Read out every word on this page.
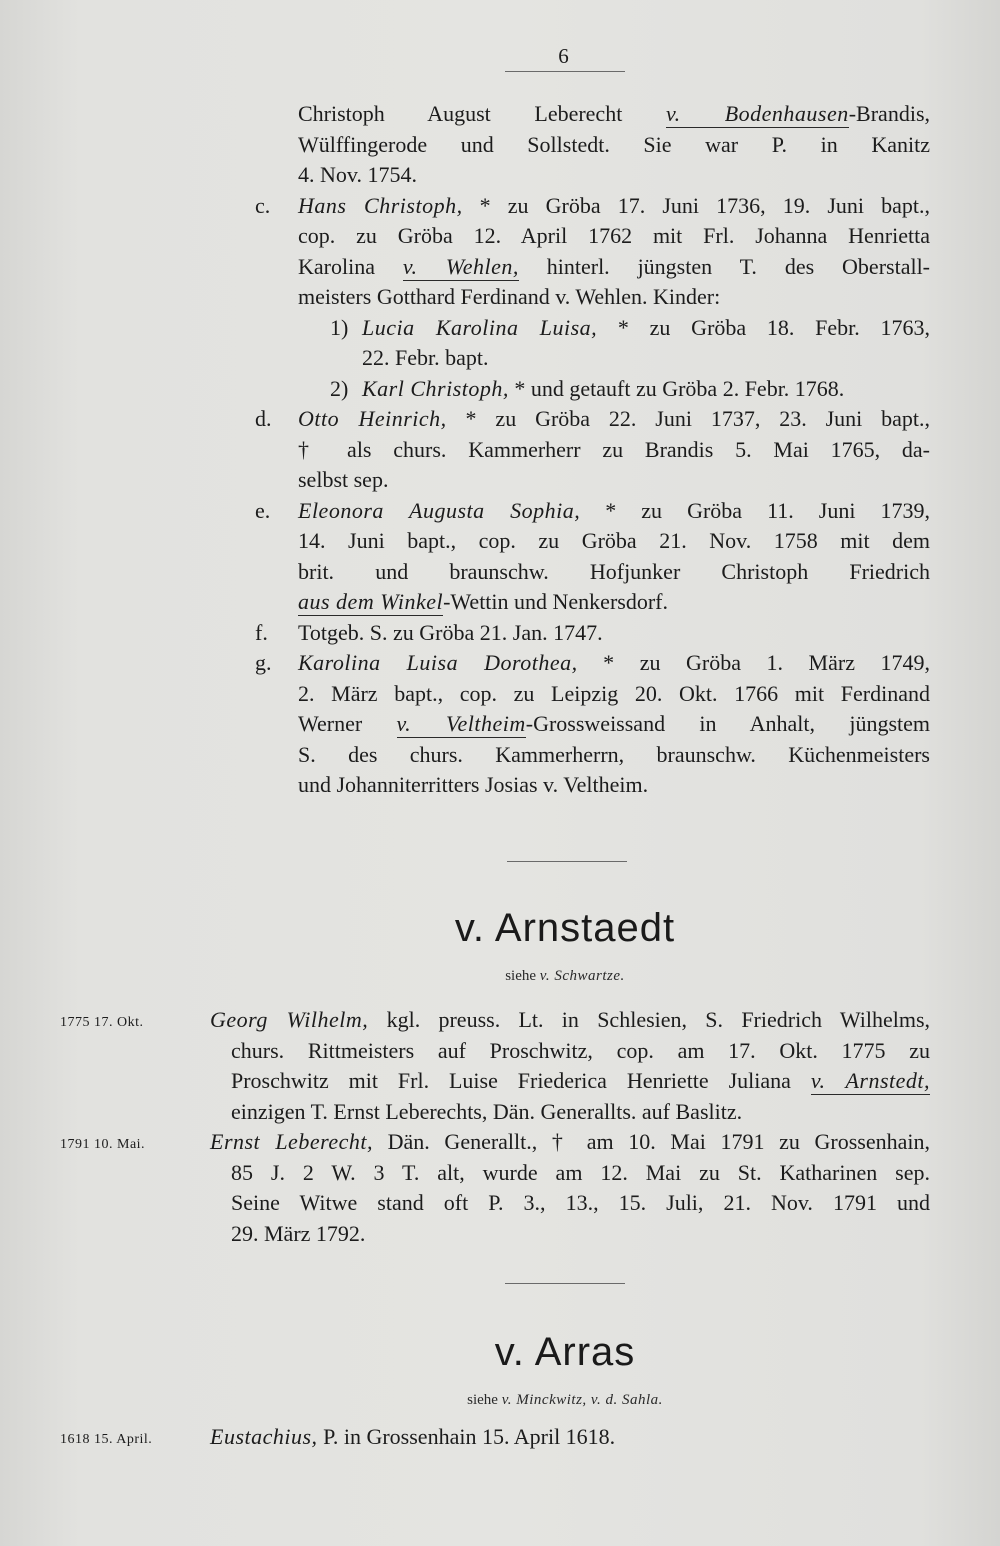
6
Christoph August Leberecht v. Bodenhausen-Brandis,
Wülffingerode und Sollstedt. Sie war P. in Kanitz
4. Nov. 1754.
c.	Hans Christoph, * zu Gröba 17. Juni 1736, 19. Juni bapt.,
cop. zu Gröba 12. April 1762 mit Frl. Johanna Henrietta
Karolina v. Wehlen, hinterl. jüngsten T. des Oberstall-
meisters Gotthard Ferdinand v. Wehlen. Kinder:
1) Lucia Karolina Luisa, * zu Gröba 18. Febr. 1763,
22. Febr. bapt.
2) Karl Christoph, * und getauft zu Gröba 2. Febr. 1768.
d.	Otto Heinrich, * zu Gröba 22. Juni 1737, 23. Juni bapt.,
† als churs. Kammerherr zu Brandis 5. Mai 1765, da-
selbst sep.
e.	Eleonora Augusta Sophia, * zu Gröba 11. Juni 1739,
14. Juni bapt., cop. zu Gröba 21. Nov. 1758 mit dem
brit. und braunschw. Hofjunker Christoph Friedrich
aus dem Winkel-Wettin und Nenkersdorf.
f.	Totgeb. S. zu Gröba 21. Jan. 1747.
g.	Karolina Luisa Dorothea, * zu Gröba 1. März 1749,
2. März bapt., cop. zu Leipzig 20. Okt. 1766 mit Ferdinand
Werner v. Veltheim-Grossweissand in Anhalt, jüngstem
S. des churs. Kammerherrn, braunschw. Küchenmeisters
und Johanniterritters Josias v. Veltheim.
v. Arnstaedt
siehe v. Schwartze.
1775 17. Okt.	Georg Wilhelm, kgl. preuss. Lt. in Schlesien, S. Friedrich Wilhelms,
churs. Rittmeisters auf Proschwitz, cop. am 17. Okt. 1775 zu
Proschwitz mit Frl. Luise Friederica Henriette Juliana v. Arnstedt,
einzigen T. Ernst Leberechts, Dän. Generallts. auf Baslitz.
1791 10. Mai.	Ernst Leberecht, Dän. Generallt., † am 10. Mai 1791 zu Grossenhain,
85 J. 2 W. 3 T. alt, wurde am 12. Mai zu St. Katharinen sep.
Seine Witwe stand oft P. 3., 13., 15. Juli, 21. Nov. 1791 und
29. März 1792.
v. Arras
siehe v. Minckwitz, v. d. Sahla.
1618 15. April.	Eustachius, P. in Grossenhain 15. April 1618.
